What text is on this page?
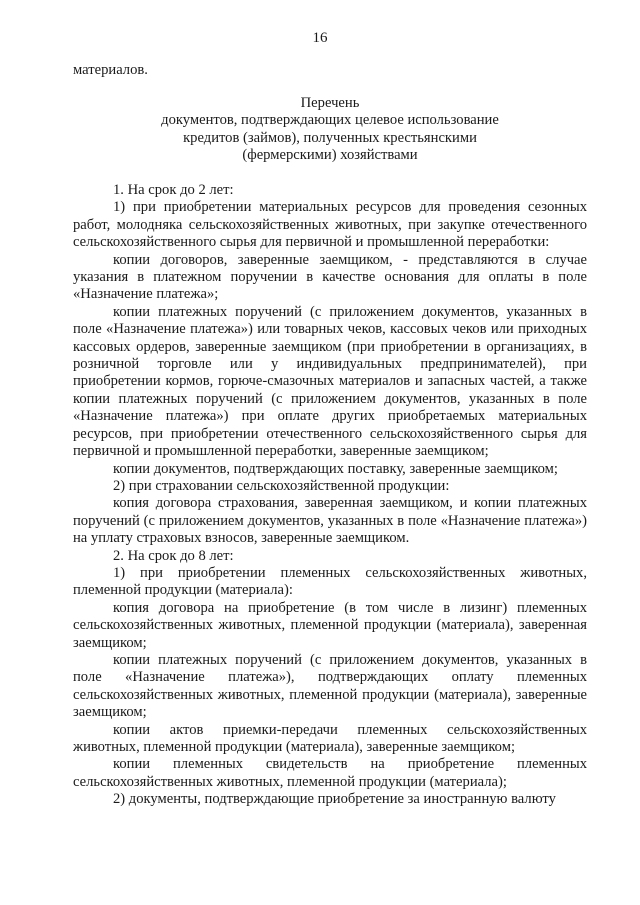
16

материалов.

Перечень
документов, подтверждающих целевое использование
кредитов (займов), полученных крестьянскими
(фермерскими) хозяйствами

1. На срок до 2 лет:

1) при приобретении материальных ресурсов для проведения сезонных работ, молодняка сельскохозяйственных животных, при закупке отечественного сельскохозяйственного сырья для первичной и промышленной переработки:

копии договоров, заверенные заемщиком, - представляются в случае указания в платежном поручении в качестве основания для оплаты в поле «Назначение платежа»;

копии платежных поручений (с приложением документов, указанных в поле «Назначение платежа») или товарных чеков, кассовых чеков или приходных кассовых ордеров, заверенные заемщиком (при приобретении в организациях, в розничной торговле или у индивидуальных предпринимателей), при приобретении кормов, горюче-смазочных материалов и запасных частей, а также копии платежных поручений (с приложением документов, указанных в поле «Назначение платежа») при оплате других приобретаемых материальных ресурсов, при приобретении отечественного сельскохозяйственного сырья для первичной и промышленной переработки, заверенные заемщиком;

копии документов, подтверждающих поставку, заверенные заемщиком;

2) при страховании сельскохозяйственной продукции:

копия договора страхования, заверенная заемщиком, и копии платежных поручений (с приложением документов, указанных в поле «Назначение платежа») на уплату страховых взносов, заверенные заемщиком.

2. На срок до 8 лет:

1) при приобретении племенных сельскохозяйственных животных, племенной продукции (материала):

копия договора на приобретение (в том числе в лизинг) племенных сельскохозяйственных животных, племенной продукции (материала), заверенная заемщиком;

копии платежных поручений (с приложением документов, указанных в поле «Назначение платежа»), подтверждающих оплату племенных сельскохозяйственных животных, племенной продукции (материала), заверенные заемщиком;

копии актов приемки-передачи племенных сельскохозяйственных животных, племенной продукции (материала), заверенные заемщиком;

копии племенных свидетельств на приобретение племенных сельскохозяйственных животных, племенной продукции (материала);

2) документы, подтверждающие приобретение за иностранную валюту
